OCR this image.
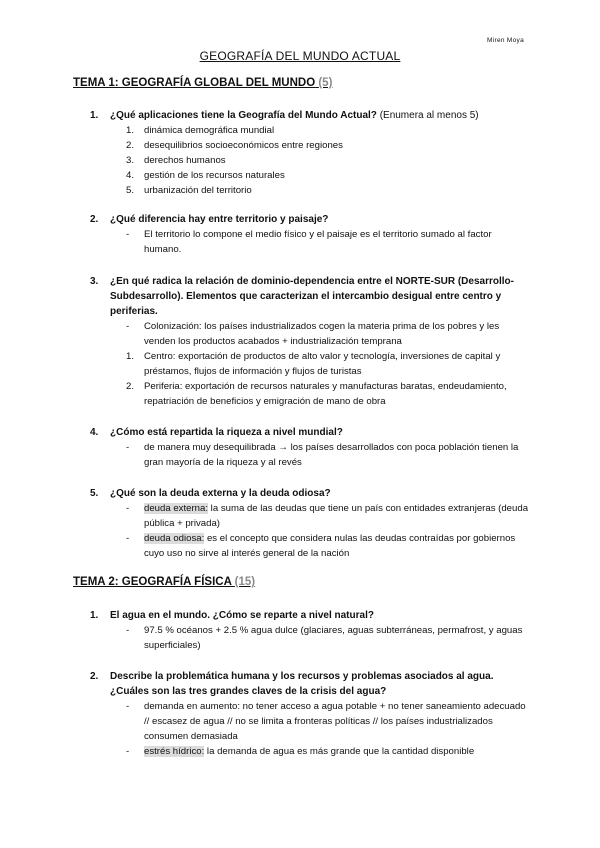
Miren Moya
GEOGRAFÍA DEL MUNDO ACTUAL
TEMA 1: GEOGRAFÍA GLOBAL DEL MUNDO (5)
1. ¿Qué aplicaciones tiene la Geografía del Mundo Actual? (Enumera al menos 5)
1. dinámica demográfica mundial
2. desequilibrios socioeconómicos entre regiones
3. derechos humanos
4. gestión de los recursos naturales
5. urbanización del territorio
2. ¿Qué diferencia hay entre territorio y paisaje?
- El territorio lo compone el medio físico y el paisaje es el territorio sumado al factor humano.
3. ¿En qué radica la relación de dominio-dependencia entre el NORTE-SUR (Desarrollo-Subdesarrollo). Elementos que caracterizan el intercambio desigual entre centro y periferias.
- Colonización: los países industrializados cogen la materia prima de los pobres y les venden los productos acabados + industrialización temprana
1. Centro: exportación de productos de alto valor y tecnología, inversiones de capital y préstamos, flujos de información y flujos de turistas
2. Periferia: exportación de recursos naturales y manufacturas baratas, endeudamiento, repatriación de beneficios y emigración de mano de obra
4. ¿Cómo está repartida la riqueza a nivel mundial?
- de manera muy desequilibrada → los países desarrollados con poca población tienen la gran mayoría de la riqueza y al revés
5. ¿Qué son la deuda externa y la deuda odiosa?
- deuda externa: la suma de las deudas que tiene un país con entidades extranjeras (deuda pública + privada)
- deuda odiosa: es el concepto que considera nulas las deudas contraídas por gobiernos cuyo uso no sirve al interés general de la nación
TEMA 2: GEOGRAFÍA FÍSICA (15)
1. El agua en el mundo. ¿Cómo se reparte a nivel natural?
- 97.5 % océanos + 2.5 % agua dulce (glaciares, aguas subterráneas, permafrost, y aguas superficiales)
2. Describe la problemática humana y los recursos y problemas asociados al agua. ¿Cuáles son las tres grandes claves de la crisis del agua?
- demanda en aumento: no tener acceso a agua potable + no tener saneamiento adecuado // escasez de agua // no se limita a fronteras políticas // los países industrializados consumen demasiada
- estrés hídrico: la demanda de agua es más grande que la cantidad disponible
